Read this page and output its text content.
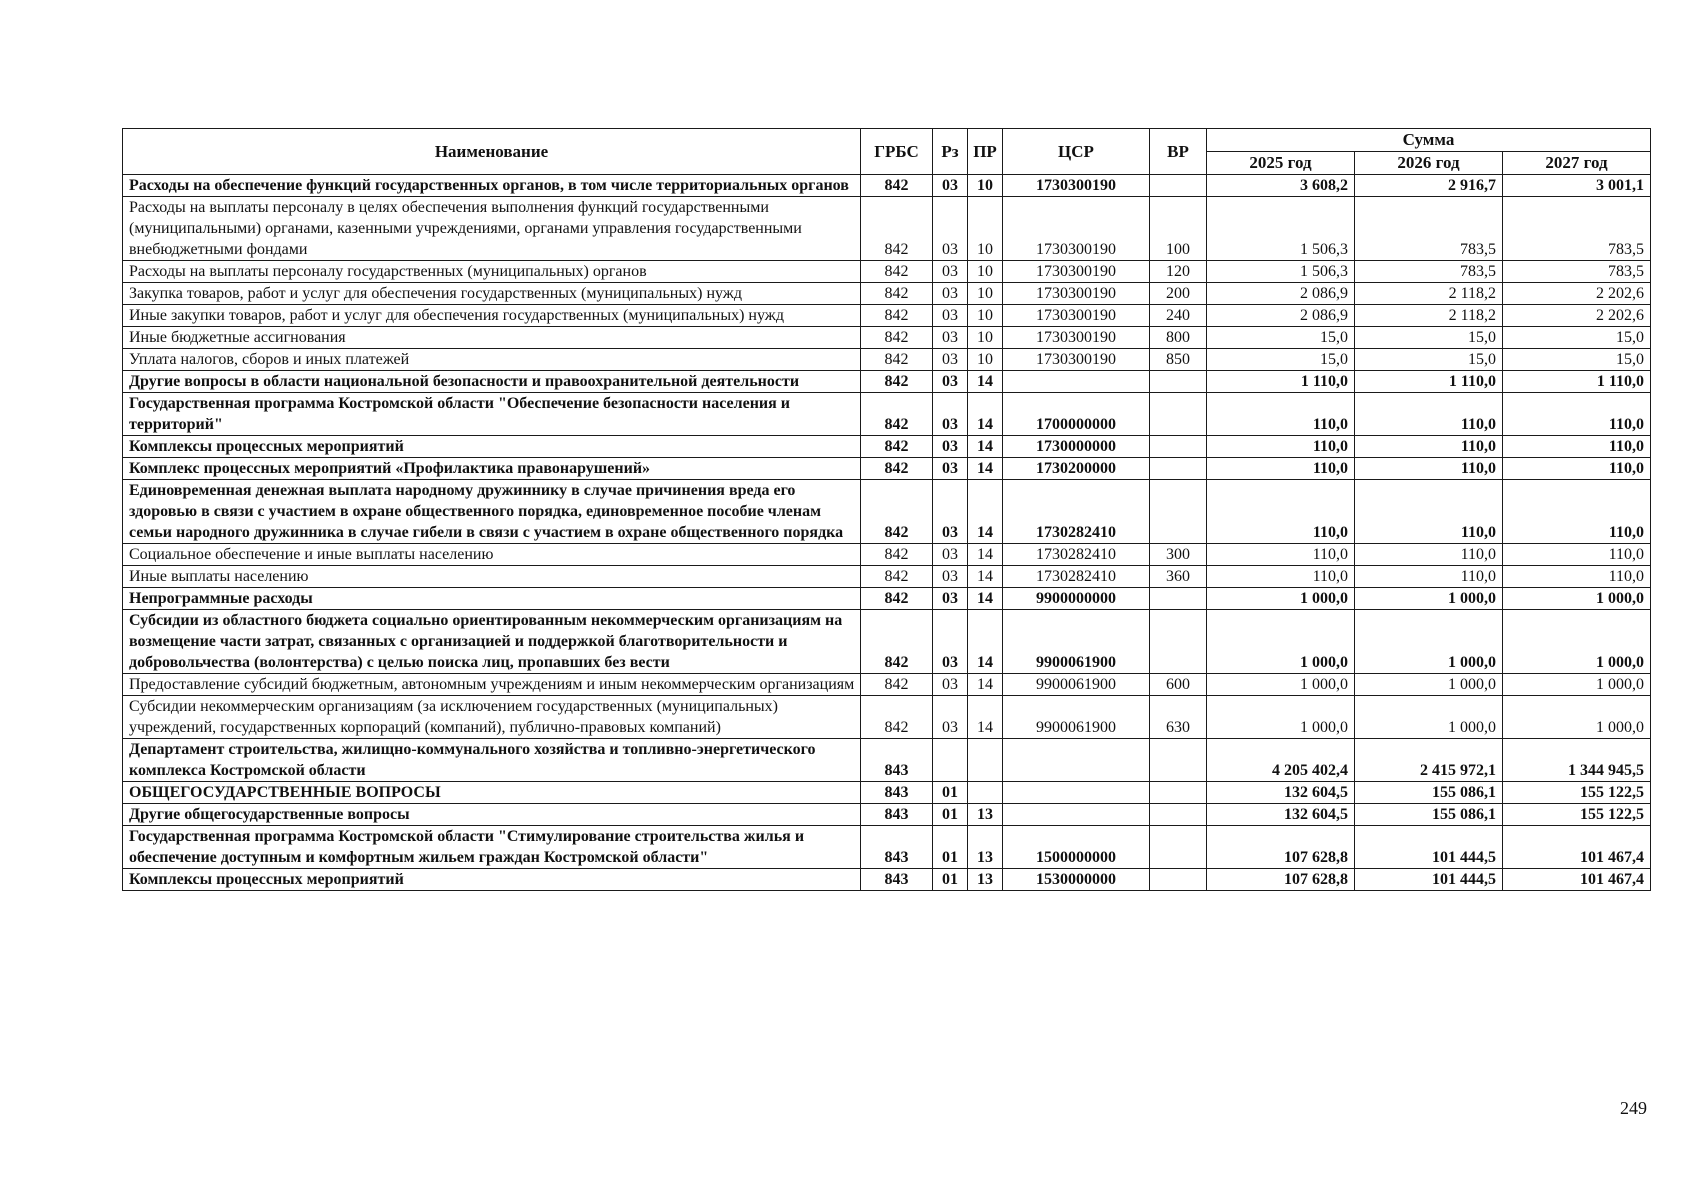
Наименование	ГРБС	Рз	ПР	ЦСР	ВР	Сумма		
						2025 год	2026 год	2027 год
Расходы на обеспечение функций государственных органов, в том числе территориальных органов	842	03	10	1730300190		3 608,2	2 916,7	3 001,1
Расходы на выплаты персоналу в целях обеспечения выполнения функций государственными (муниципальными) органами, казенными учреждениями, органами управления государственными внебюджетными фондами	842	03	10	1730300190	100	1 506,3	783,5	783,5
Расходы на выплаты персоналу государственных (муниципальных) органов	842	03	10	1730300190	120	1 506,3	783,5	783,5
Закупка товаров, работ и услуг для обеспечения государственных (муниципальных) нужд	842	03	10	1730300190	200	2 086,9	2 118,2	2 202,6
Иные закупки товаров, работ и услуг для обеспечения государственных (муниципальных) нужд	842	03	10	1730300190	240	2 086,9	2 118,2	2 202,6
Иные бюджетные ассигнования	842	03	10	1730300190	800	15,0	15,0	15,0
Уплата налогов, сборов и иных платежей	842	03	10	1730300190	850	15,0	15,0	15,0
Другие вопросы в области национальной безопасности и правоохранительной деятельности	842	03	14			1 110,0	1 110,0	1 110,0
Государственная программа Костромской области "Обеспечение безопасности населения и территорий"	842	03	14	1700000000		110,0	110,0	110,0
Комплексы процессных мероприятий	842	03	14	1730000000		110,0	110,0	110,0
Комплекс процессных мероприятий «Профилактика правонарушений»	842	03	14	1730200000		110,0	110,0	110,0
Единовременная денежная выплата народному дружиннику в случае причинения вреда его здоровью в связи с участием в охране общественного порядка, единовременное пособие членам семьи народного дружинника в случае гибели в связи с участием в охране общественного порядка	842	03	14	1730282410		110,0	110,0	110,0
Социальное обеспечение и иные выплаты населению	842	03	14	1730282410	300	110,0	110,0	110,0
Иные выплаты населению	842	03	14	1730282410	360	110,0	110,0	110,0
Непрограммные расходы	842	03	14	9900000000		1 000,0	1 000,0	1 000,0
Субсидии из областного бюджета социально ориентированным некоммерческим организациям на возмещение части затрат, связанных с организацией и поддержкой благотворительности и добровольчества (волонтерства) с целью поиска лиц, пропавших без вести	842	03	14	9900061900		1 000,0	1 000,0	1 000,0
Предоставление субсидий бюджетным, автономным учреждениям и иным некоммерческим организациям	842	03	14	9900061900	600	1 000,0	1 000,0	1 000,0
Субсидии некоммерческим организациям (за исключением государственных (муниципальных) учреждений, государственных корпораций (компаний), публично-правовых компаний)	842	03	14	9900061900	630	1 000,0	1 000,0	1 000,0
Департамент строительства, жилищно-коммунального хозяйства и топливно-энергетического комплекса Костромской области	843					4 205 402,4	2 415 972,1	1 344 945,5
ОБЩЕГОСУДАРСТВЕННЫЕ ВОПРОСЫ	843	01				132 604,5	155 086,1	155 122,5
Другие общегосударственные вопросы	843	01	13			132 604,5	155 086,1	155 122,5
Государственная программа Костромской области "Стимулирование строительства жилья и обеспечение доступным и комфортным жильем граждан Костромской области"	843	01	13	1500000000		107 628,8	101 444,5	101 467,4
Комплексы процессных мероприятий	843	01	13	1530000000		107 628,8	101 444,5	101 467,4
249
